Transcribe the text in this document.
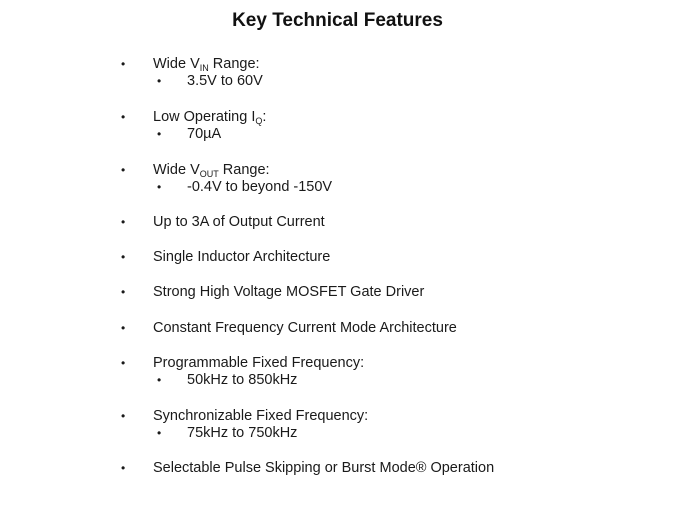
Key Technical Features
• Wide $V_{IN}$ Range:
• 3.5V to 60V
• Low Operating $I_Q$:
• 70µA
• Wide $V_{OUT}$ Range:
• -0.4V to beyond -150V
• Up to 3A of Output Current
• Single Inductor Architecture
• Strong High Voltage MOSFET Gate Driver
• Constant Frequency Current Mode Architecture
• Programmable Fixed Frequency:
• 50kHz to 850kHz
• Synchronizable Fixed Frequency:
• 75kHz to 750kHz
• Selectable Pulse Skipping or Burst Mode® Operation
